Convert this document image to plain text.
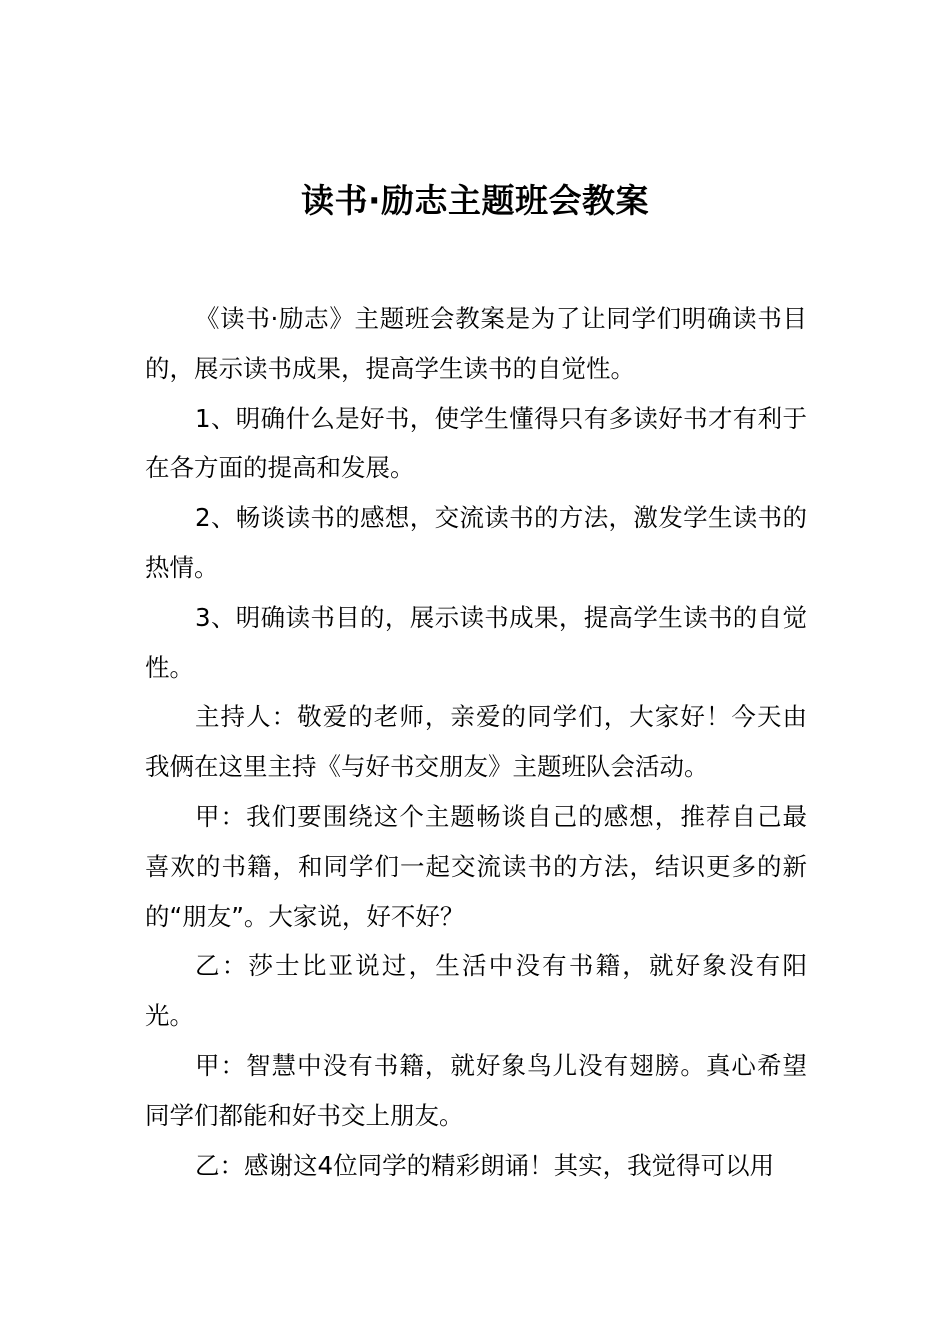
读书·励志主题班会教案

《读书·励志》主题班会教案是为了让同学们明确读书目的，展示读书成果，提高学生读书的自觉性。

1、明确什么是好书，使学生懂得只有多读好书才有利于在各方面的提高和发展。

2、畅谈读书的感想，交流读书的方法，激发学生读书的热情。

3、明确读书目的，展示读书成果，提高学生读书的自觉性。

主持人：敬爱的老师，亲爱的同学们，大家好！今天由我俩在这里主持《与好书交朋友》主题班队会活动。

甲：我们要围绕这个主题畅谈自己的感想，推荐自己最喜欢的书籍，和同学们一起交流读书的方法，结识更多的新的“朋友”。大家说，好不好？

乙：莎士比亚说过，生活中没有书籍，就好象没有阳光。

甲：智慧中没有书籍，就好象鸟儿没有翅膀。真心希望同学们都能和好书交上朋友。

乙：感谢这4位同学的精彩朗诵！其实，我觉得可以用
